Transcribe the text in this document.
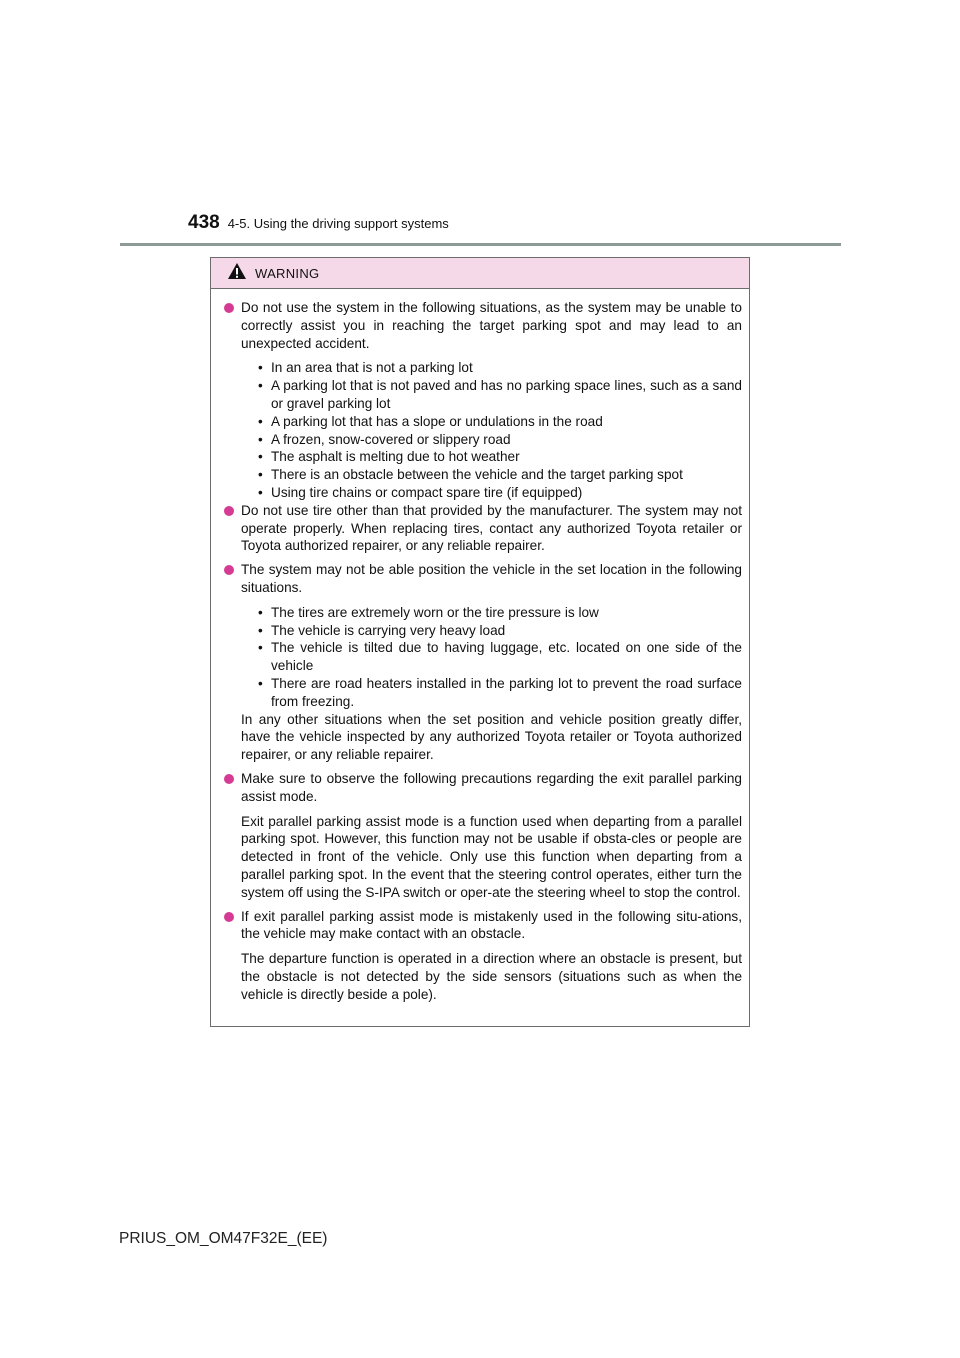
438 4-5. Using the driving support systems
WARNING
Do not use the system in the following situations, as the system may be unable to correctly assist you in reaching the target parking spot and may lead to an unexpected accident.
• In an area that is not a parking lot
• A parking lot that is not paved and has no parking space lines, such as a sand or gravel parking lot
• A parking lot that has a slope or undulations in the road
• A frozen, snow-covered or slippery road
• The asphalt is melting due to hot weather
• There is an obstacle between the vehicle and the target parking spot
• Using tire chains or compact spare tire (if equipped)
Do not use tire other than that provided by the manufacturer. The system may not operate properly. When replacing tires, contact any authorized Toyota retailer or Toyota authorized repairer, or any reliable repairer.
The system may not be able position the vehicle in the set location in the following situations.
• The tires are extremely worn or the tire pressure is low
• The vehicle is carrying very heavy load
• The vehicle is tilted due to having luggage, etc. located on one side of the vehicle
• There are road heaters installed in the parking lot to prevent the road surface from freezing.
In any other situations when the set position and vehicle position greatly differ, have the vehicle inspected by any authorized Toyota retailer or Toyota authorized repairer, or any reliable repairer.
Make sure to observe the following precautions regarding the exit parallel parking assist mode.
Exit parallel parking assist mode is a function used when departing from a parallel parking spot. However, this function may not be usable if obsta-cles or people are detected in front of the vehicle. Only use this function when departing from a parallel parking spot. In the event that the steering control operates, either turn the system off using the S-IPA switch or oper-ate the steering wheel to stop the control.
If exit parallel parking assist mode is mistakenly used in the following situ-ations, the vehicle may make contact with an obstacle.
The departure function is operated in a direction where an obstacle is present, but the obstacle is not detected by the side sensors (situations such as when the vehicle is directly beside a pole).
PRIUS_OM_OM47F32E_(EE)
